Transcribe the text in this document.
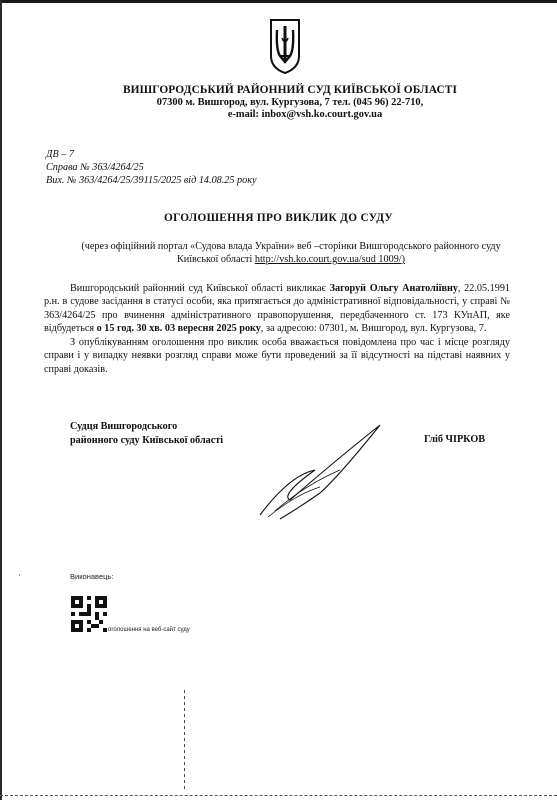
ВИШГОРОДСЬКИЙ РАЙОННИЙ СУД КИЇВСЬКОЇ ОБЛАСТІ
07300 м. Вишгород, вул. Кургузова, 7 тел. (045 96) 22-710,
e-mail: inbox@vsh.ko.court.gov.ua
ДВ – 7
Справа № 363/4264/25
Вих. № 363/4264/25/39115/2025 від 14.08.25 року
ОГОЛОШЕННЯ ПРО ВИКЛИК ДО СУДУ
(через офіційний портал «Судова влада України» веб –сторінки Вишгородського районного суду Київської області http://vsh.ko.court.gov.ua/sud 1009/)

Вишгородський районний суд Київської області викликає Загоруй Ольгу Анатоліївну, 22.05.1991 р.н. в судове засідання в статусі особи, яка притягається до адміністративної відповідальності, у справі № 363/4264/25 про вчинення адміністративного правопорушення, передбаченного ст. 173 КУпАП, яке відбудеться о 15 год. 30 хв. 03 вересня 2025 року, за адресою: 07301, м. Вишгород, вул. Кургузова, 7.

З опублікуванням оголошення про виклик особа вважається повідомлена про час і місце розгляду справи і у випадку неявки розгляд справи може бути проведений за її відсутності на підставі наявних у справі доказів.

Судця Вишгородського
районного суду Київської області	Гліб ЧІРКОВ
·	Виконавець:
оголошення на веб-сайт суду
